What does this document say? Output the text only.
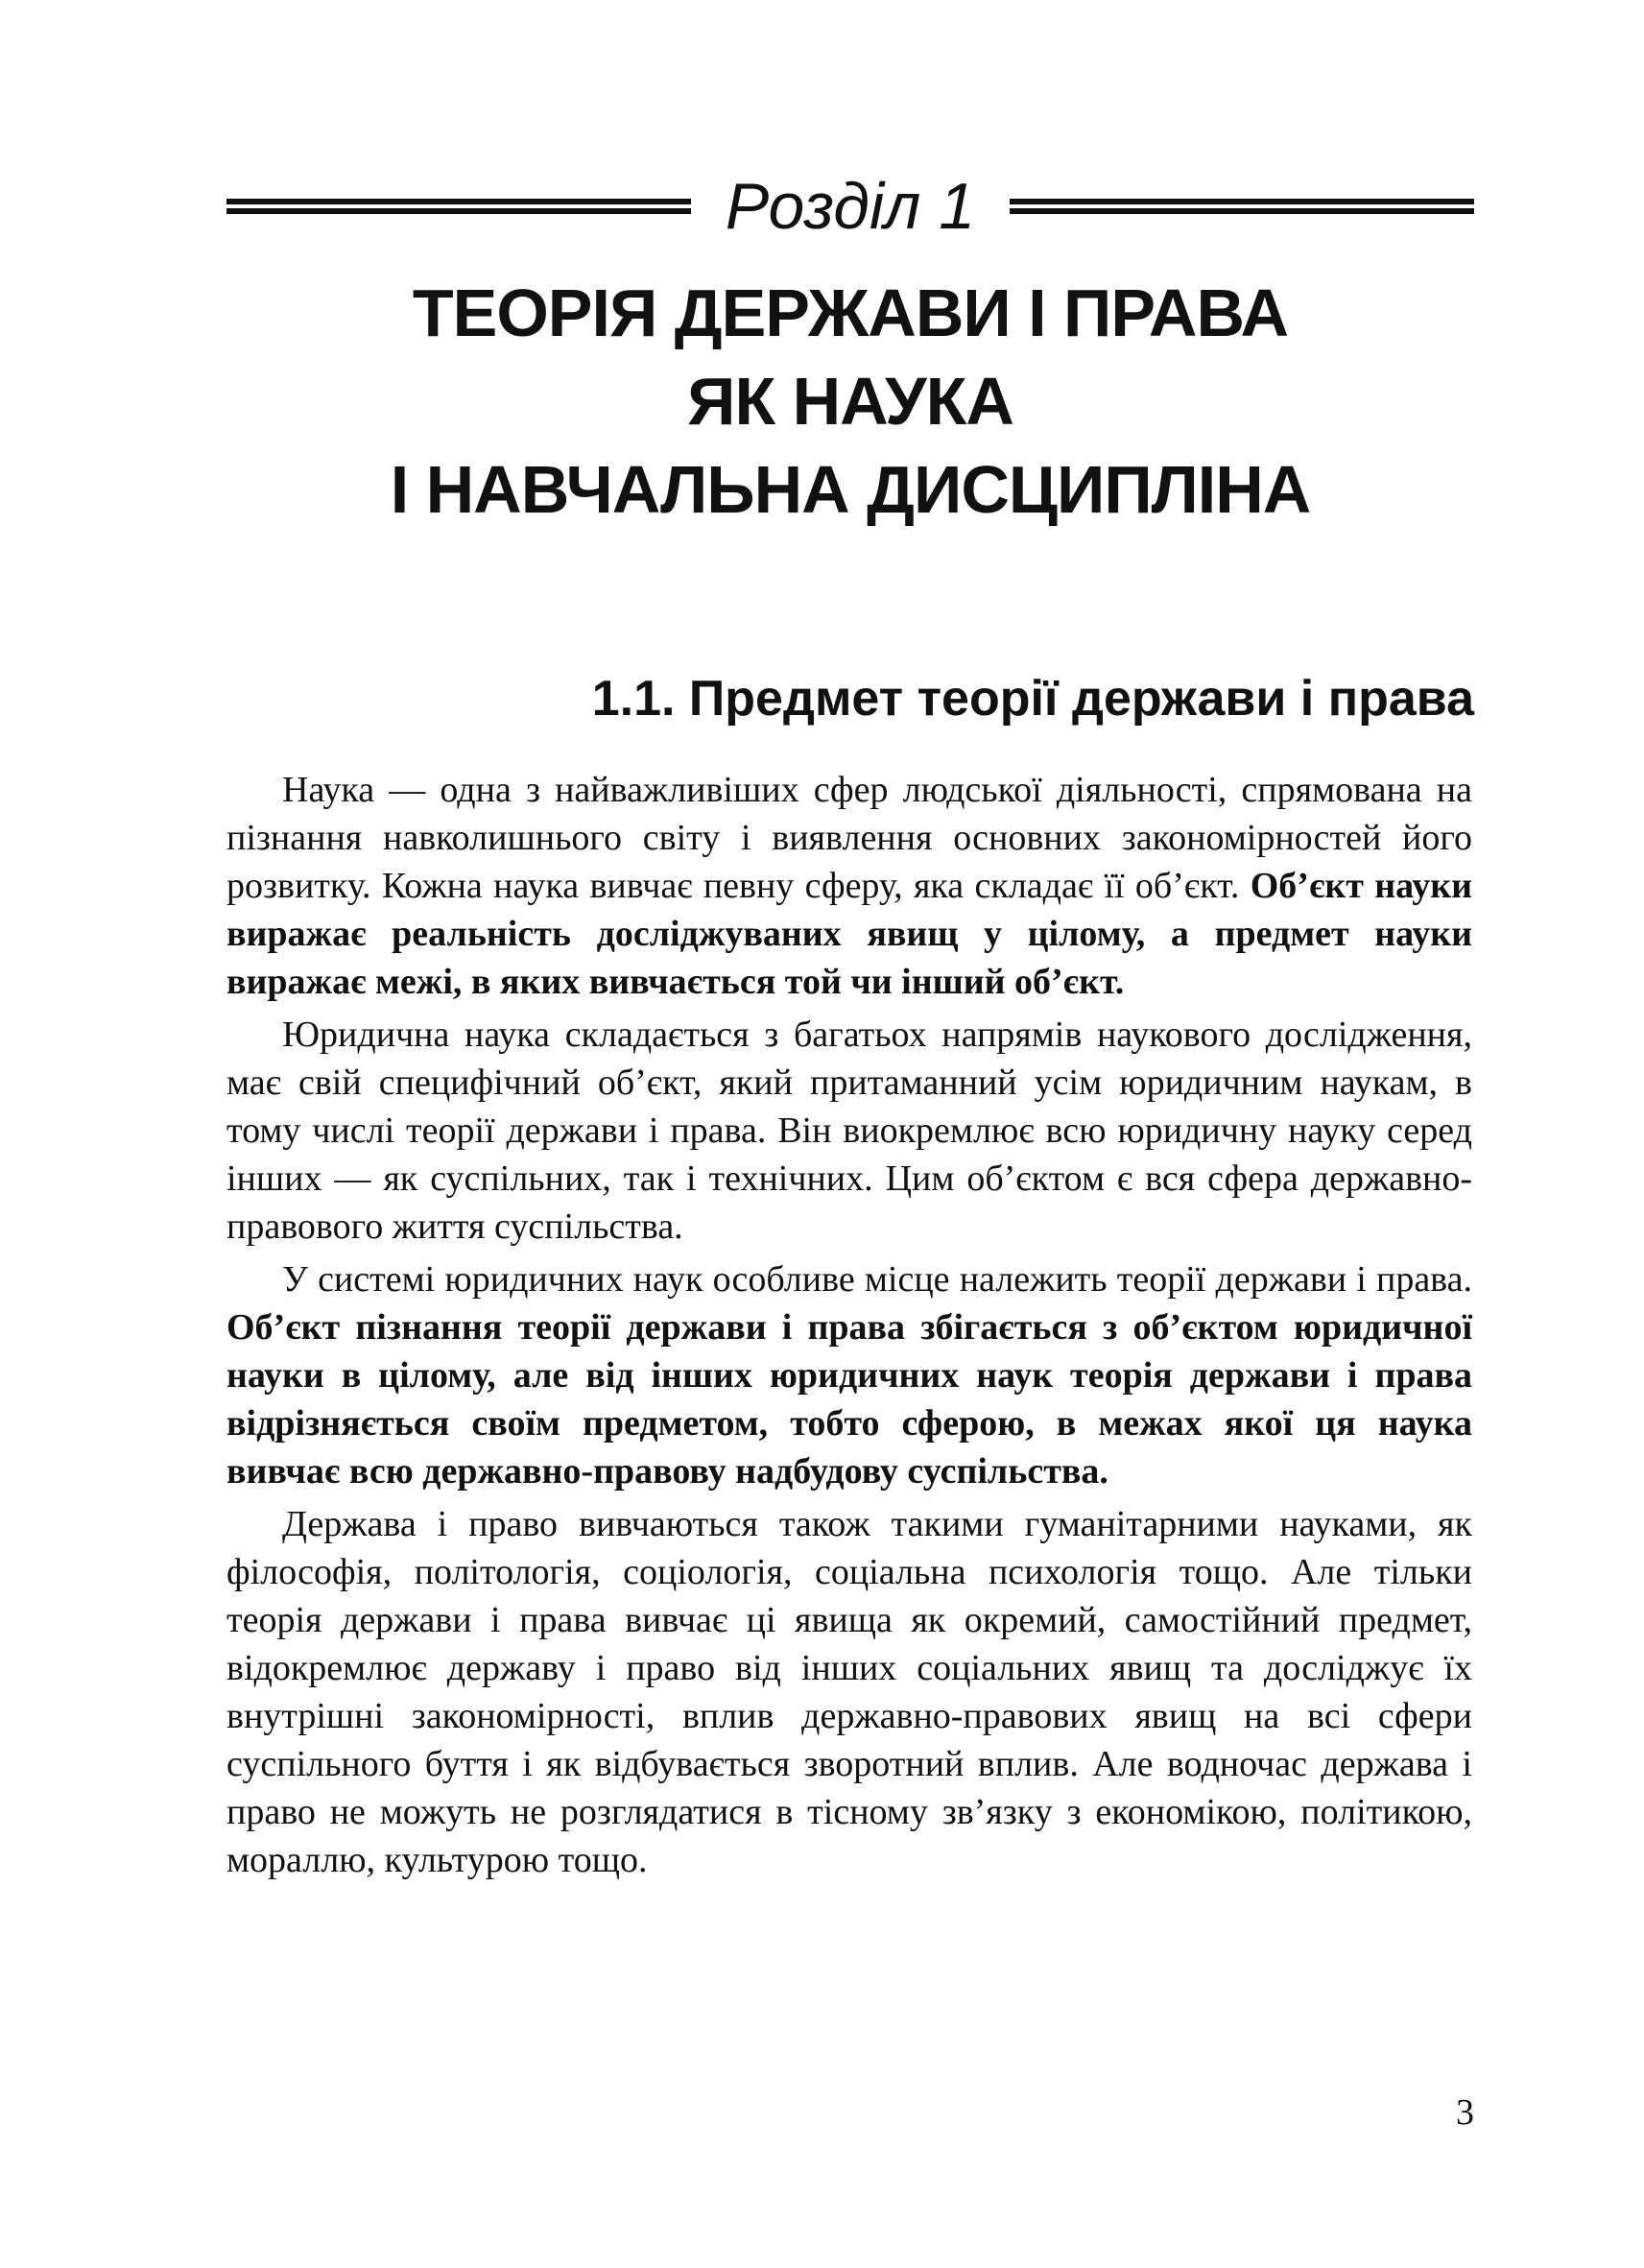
Розділ 1
ТЕОРІЯ ДЕРЖАВИ І ПРАВА
ЯК НАУКА
І НАВЧАЛЬНА ДИСЦИПЛІНА
1.1. Предмет теорії держави і права

Наука — одна з найважливіших сфер людської діяльності, спрямована на пізнання навколишнього світу і виявлення основних закономірностей його розвитку. Кожна наука вивчає певну сферу, яка складає її об’єкт. Об’єкт науки виражає реальність досліджуваних явищ у цілому, а предмет науки виражає межі, в яких вивчається той чи інший об’єкт.

Юридична наука складається з багатьох напрямів наукового дослідження, має свій специфічний об’єкт, який притаманний усім юридичним наукам, в тому числі теорії держави і права. Він виокремлює всю юридичну науку серед інших — як суспільних, так і технічних. Цим об’єктом є вся сфера державно-правового життя суспільства.

У системі юридичних наук особливе місце належить теорії держави і права. Об’єкт пізнання теорії держави і права збігається з об’єктом юридичної науки в цілому, але від інших юридичних наук теорія держави і права відрізняється своїм предметом, тобто сферою, в межах якої ця наука вивчає всю державно-правову надбудову суспільства.

Держава і право вивчаються також такими гуманітарними науками, як філософія, політологія, соціологія, соціальна психологія тощо. Але тільки теорія держави і права вивчає ці явища як окремий, самостійний предмет, відокремлює державу і право від інших соціальних явищ та досліджує їх внутрішні закономірності, вплив державно-правових явищ на всі сфери суспільного буття і як відбувається зворотний вплив. Але водночас держава і право не можуть не розглядатися в тісному зв’язку з економікою, політикою, мораллю, культурою тощо.

3
